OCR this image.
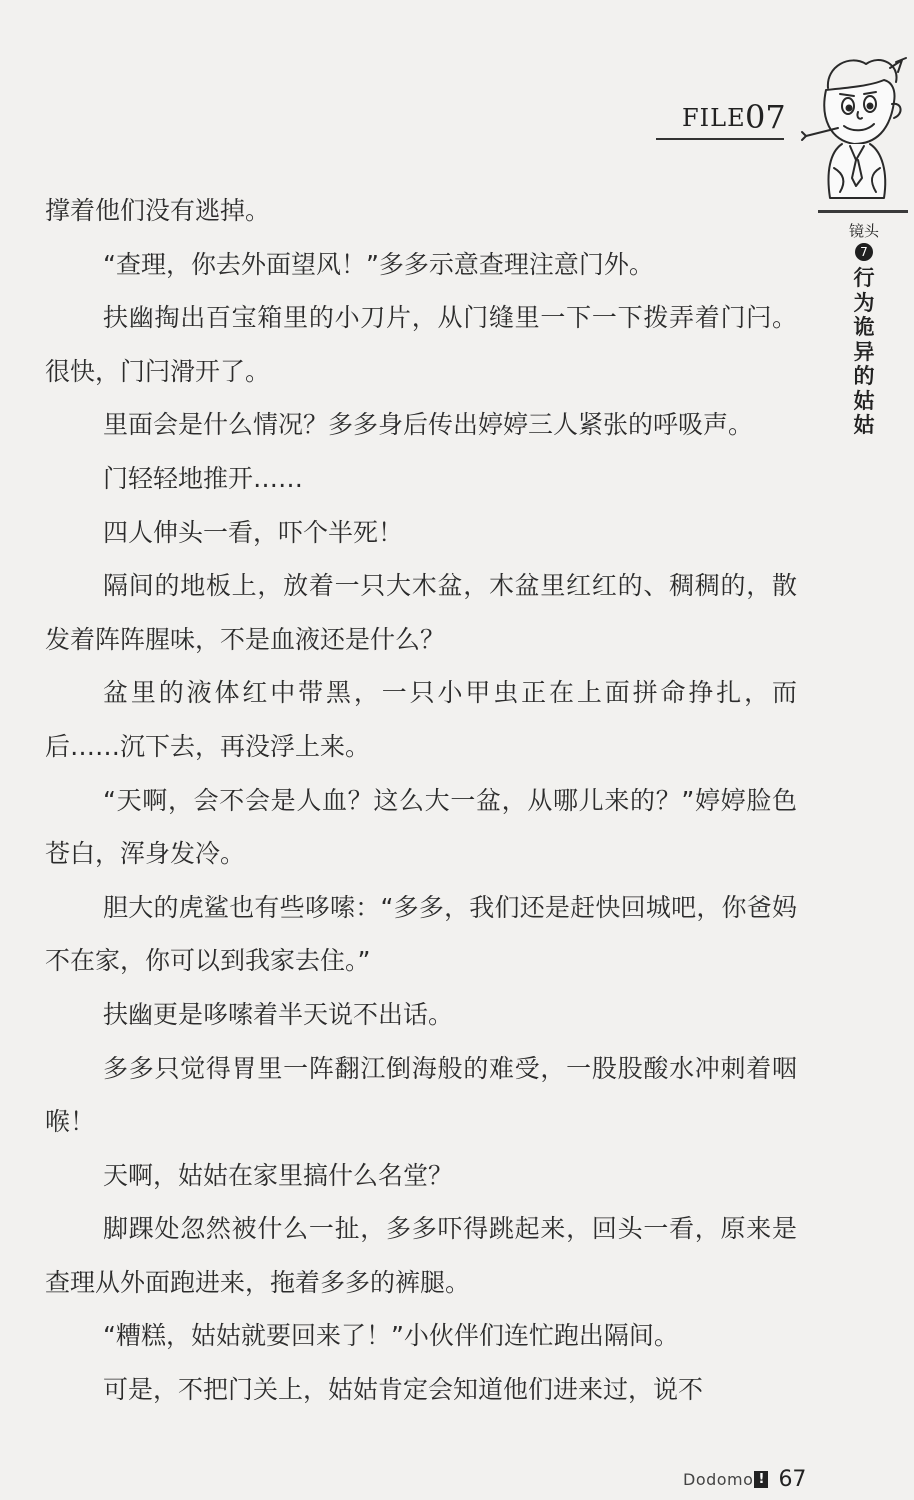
FILE 07
镜头
7
行为诡异的姑姑

撑着他们没有逃掉。

“查理，你去外面望风！”多多示意查理注意门外。

扶幽掏出百宝箱里的小刀片，从门缝里一下一下拨弄着门闩。很快，门闩滑开了。

里面会是什么情况？多多身后传出婷婷三人紧张的呼吸声。

门轻轻地推开……

四人伸头一看，吓个半死！

隔间的地板上，放着一只大木盆，木盆里红红的、稠稠的，散发着阵阵腥味，不是血液还是什么？

盆里的液体红中带黑，一只小甲虫正在上面拼命挣扎，而后……沉下去，再没浮上来。

“天啊，会不会是人血？这么大一盆，从哪儿来的？”婷婷脸色苍白，浑身发冷。

胆大的虎鲨也有些哆嗦：“多多，我们还是赶快回城吧，你爸妈不在家，你可以到我家去住。”

扶幽更是哆嗦着半天说不出话。

多多只觉得胃里一阵翻江倒海般的难受，一股股酸水冲刺着咽喉！

天啊，姑姑在家里搞什么名堂？

脚踝处忽然被什么一扯，多多吓得跳起来，回头一看，原来是查理从外面跑进来，拖着多多的裤腿。

“糟糕，姑姑就要回来了！”小伙伴们连忙跑出隔间。

可是，不把门关上，姑姑肯定会知道他们进来过，说不

Dodomo ! 67
